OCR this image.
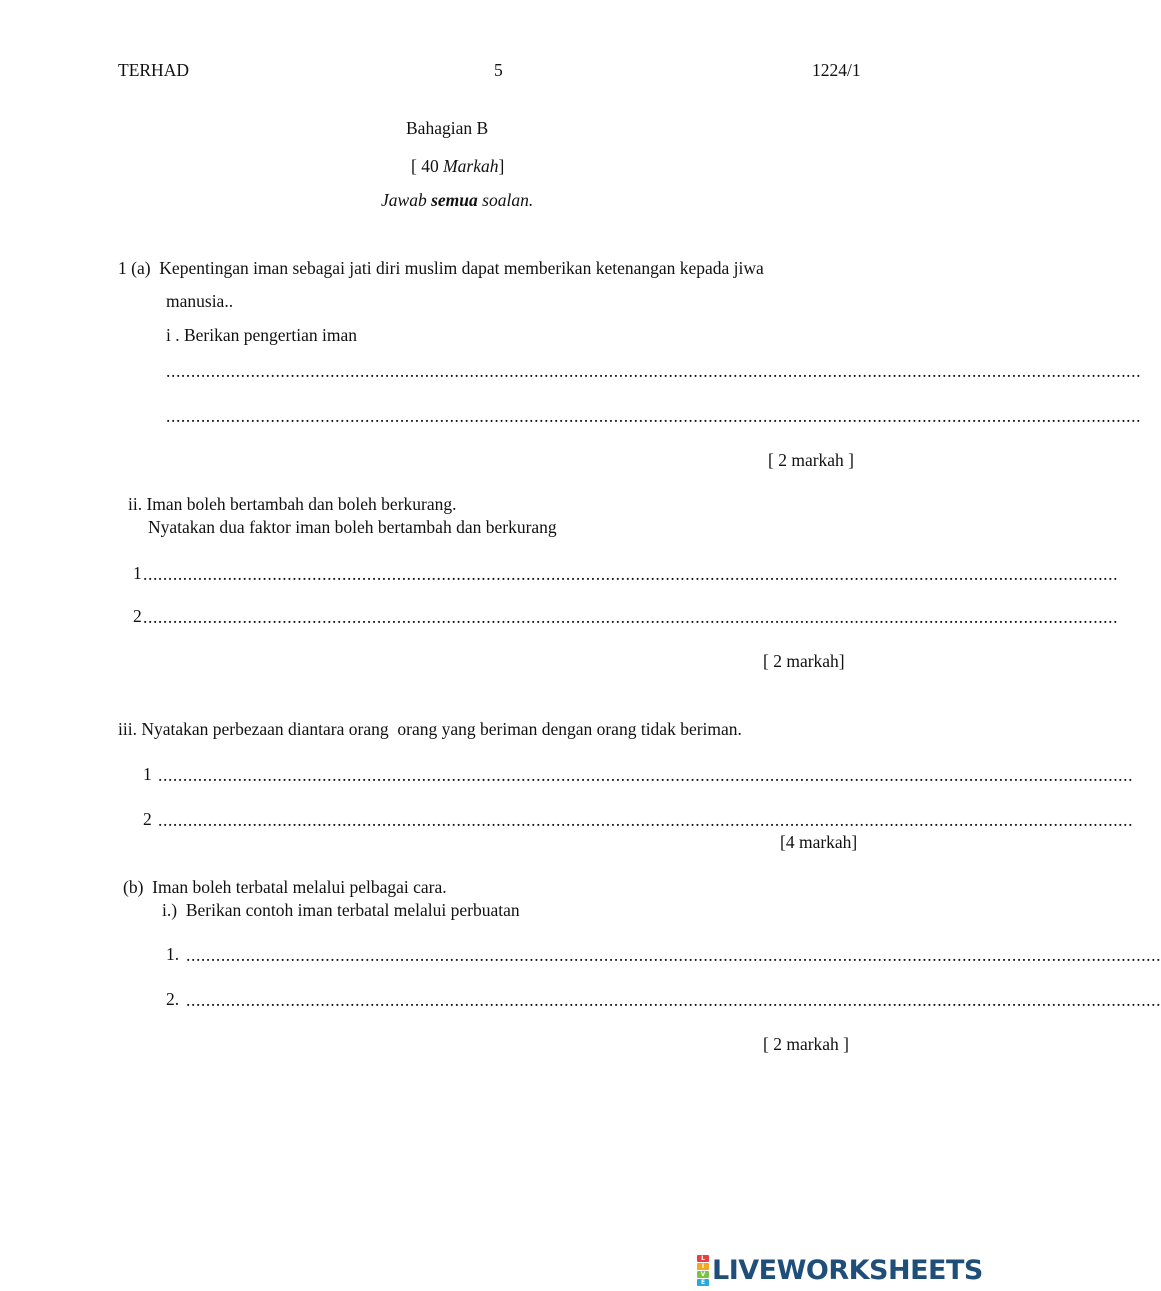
TERHAD	5	1224/1
Bahagian B
[ 40 Markah]
Jawab semua soalan.
1 (a)  Kepentingan iman sebagai jati diri muslim dapat memberikan ketenangan kepada jiwa
manusia..
i . Berikan pengertian iman
....................................................................................................................................................................................................
....................................................................................................................................................................................................
[ 2 markah ]
ii. Iman boleh bertambah dan boleh berkurang.
Nyatakan dua faktor iman boleh bertambah dan berkurang
1 ....................................................................................................................................................................................................
2 ....................................................................................................................................................................................................
[ 2 markah]
iii. Nyatakan perbezaan diantara orang  orang yang beriman dengan orang tidak beriman.
1 ....................................................................................................................................................................................................
2 ....................................................................................................................................................................................................
[4 markah]
(b)  Iman boleh terbatal melalui pelbagai cara.
i.)  Berikan contoh iman terbatal melalui perbuatan
1. ....................................................................................................................................................................................................
2. ....................................................................................................................................................................................................
[ 2 markah ]
L
I
V
E LIVEWORKSHEETS
